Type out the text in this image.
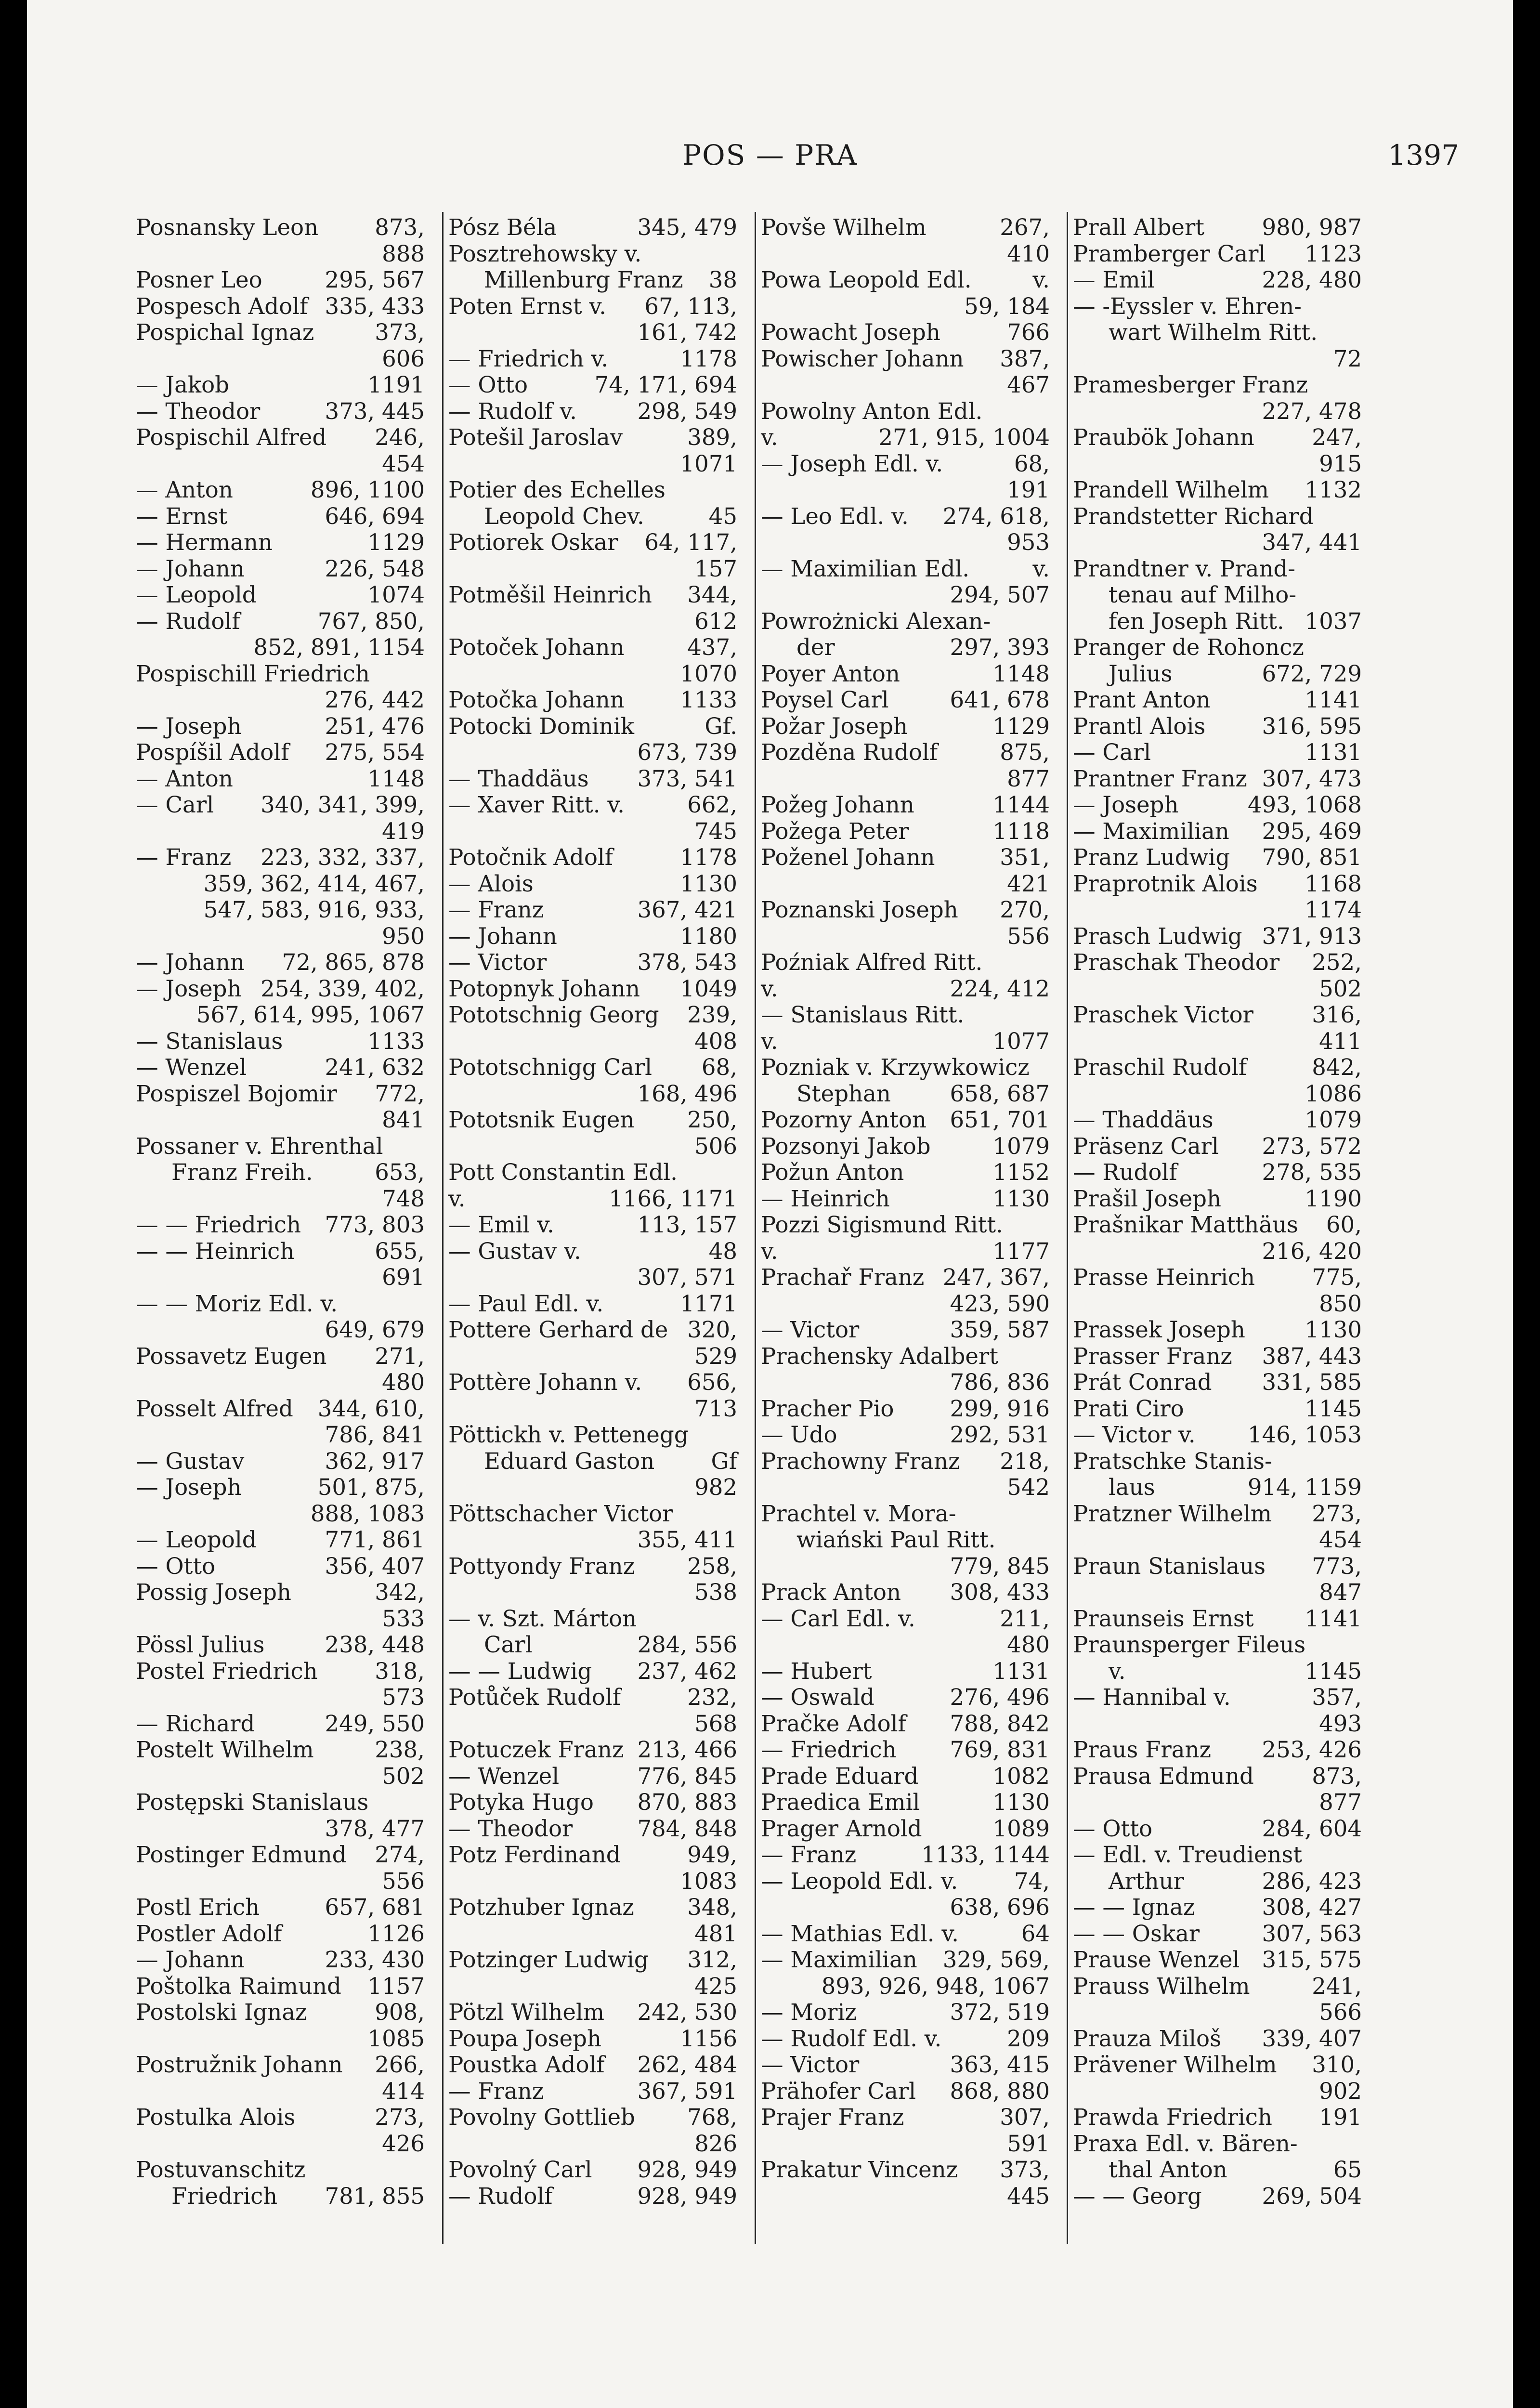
POS — PRA	1397
Posnansky Leon	873,
888
Posner Leo	295, 567
Pospesch Adolf 335, 433
Pospichal Ignaz	373,
606
— Jakob	1191
— Theodor	373, 445
Pospischil Alfred 246,
454
— Anton	896, 1100
— Ernst	646, 694
— Hermann	1129
— Johann	226, 548
— Leopold	1074
— Rudolf	767, 850,
852, 891, 1154
Pospischill Friedrich
276, 442
— Joseph	251, 476
Pospíšil Adolf 275, 554
— Anton	1148
— Carl 340, 341, 399,
419
— Franz 223, 332, 337,
359, 362, 414, 467,
547, 583, 916, 933,
950
— Johann 72, 865, 878
— Joseph 254, 339, 402,
567, 614, 995, 1067
— Stanislaus	1133
— Wenzel	241, 632
Pospiszel Bojomir 772,
841
Possaner v. Ehrenthal
Franz Freih.	653,
748
— — Friedrich 773, 803
— — Heinrich	655,
691
— — Moriz Edl. v.
649, 679
Possavetz Eugen 271,
480
Posselt Alfred 344, 610,
786, 841
— Gustav	362, 917
— Joseph	501, 875,
888, 1083
— Leopold	771, 861
— Otto	356, 407
Possig Joseph	342,
533
Pössl Julius	238, 448
Postel Friedrich	318,
573
— Richard	249, 550
Postelt Wilhelm	238,
502
Postępski Stanislaus
378, 477
Postinger Edmund 274,
556
Postl Erich	657, 681
Postler Adolf	1126
— Johann	233, 430
Poštolka Raimund 1157
Postolski Ignaz	908,
1085
Postružnik Johann 266,
414
Postulka Alois	273,
426
Postuvanschitz
Friedrich 781, 855
Pósz Béla	345, 479
Posztrehowsky v.
Millenburg Franz 38
Poten Ernst v. 67, 113,
161, 742
— Friedrich v.	1178
— Otto	74, 171, 694
— Rudolf v.	298, 549
Potešil Jaroslav	389,
1071
Potier des Echelles
Leopold Chev.	45
Potiorek Oskar 64, 117,
157
Potměšil Heinrich 344,
612
Potoček Johann	437,
1070
Potočka Johann 1133
Potocki Dominik	Gf.
673, 739
— Thaddäus 373, 541
— Xaver Ritt. v.	662,
745
Potočnik Adolf	1178
— Alois	1130
— Franz	367, 421
— Johann	1180
— Victor	378, 543
Potopnyk Johann 1049
Pototschnig Georg 239,
408
Pototschnigg Carl 68,
168, 496
Pototsnik Eugen 250,
506
Pott Constantin Edl.
v.	1166, 1171
— Emil v.	113, 157
— Gustav v.	48
307, 571
— Paul Edl. v.	1171
Pottere Gerhard de 320,
529
Pottère Johann v. 656,
713
Pöttickh v. Pettenegg
Eduard Gaston	Gf
982
Pöttschacher Victor
355, 411
Pottyondy Franz 258,
538
— v. Szt. Márton
Carl	284, 556
— — Ludwig 237, 462
Potůček Rudolf	232,
568
Potuczek Franz 213, 466
— Wenzel	776, 845
Potyka Hugo 870, 883
— Theodor	784, 848
Potz Ferdinand	949,
1083
Potzhuber Ignaz 348,
481
Potzinger Ludwig 312,
425
Pötzl Wilhelm 242, 530
Poupa Joseph	1156
Poustka Adolf 262, 484
— Franz	367, 591
Povolny Gottlieb 768,
826
Povolný Carl 928, 949
— Rudolf	928, 949
Povše Wilhelm	267,
410
Powa Leopold Edl.	v.
59, 184
Powacht Joseph	766
Powischer Johann 387,
467
Powolny Anton Edl.
v.	271, 915, 1004
— Joseph Edl. v.	68,
191
— Leo Edl. v. 274, 618,
953
— Maximilian Edl.	v.
294, 507
Powrożnicki Alexan-
der	297, 393
Poyer Anton	1148
Poysel Carl	641, 678
Požar Joseph	1129
Pozděna Rudolf	875,
877
Požeg Johann	1144
Požega Peter	1118
Poženel Johann	351,
421
Poznanski Joseph 270,
556
Poźniak Alfred Ritt.
v.	224, 412
— Stanislaus Ritt.
v.	1077
Pozniak v. Krzywkowicz
Stephan	658, 687
Pozorny Anton 651, 701
Pozsonyi Jakob	1079
Požun Anton	1152
— Heinrich	1130
Pozzi Sigismund Ritt.
v.	1177
Prachař Franz 247, 367,
423, 590
— Victor	359, 587
Prachensky Adalbert
786, 836
Pracher Pio 299, 916
— Udo	292, 531
Prachowny Franz 218,
542
Prachtel v. Mora-
wiański Paul Ritt.
779, 845
Prack Anton 308, 433
— Carl Edl. v.	211,
480
— Hubert	1131
— Oswald	276, 496
Pračke Adolf 788, 842
— Friedrich 769, 831
Prade Eduard	1082
Praedica Emil	1130
Prager Arnold	1089
— Franz	1133, 1144
— Leopold Edl. v.	74,
638, 696
— Mathias Edl. v.	64
— Maximilian 329, 569,
893, 926, 948, 1067
— Moriz	372, 519
— Rudolf Edl. v.	209
— Victor	363, 415
Prähofer Carl 868, 880
Prajer Franz	307,
591
Prakatur Vincenz 373,
445
Prall Albert	980, 987
Pramberger Carl 1123
— Emil	228, 480
— -Eyssler v. Ehren-
wart Wilhelm Ritt.
72
Pramesberger Franz
227, 478
Praubök Johann	247,
915
Prandell Wilhelm 1132
Prandstetter Richard
347, 441
Prandtner v. Prand-
tenau auf Milho-
fen Joseph Ritt. 1037
Pranger de Rohoncz
Julius	672, 729
Prant Anton	1141
Prantl Alois	316, 595
— Carl	1131
Prantner Franz 307, 473
— Joseph	493, 1068
— Maximilian 295, 469
Pranz Ludwig 790, 851
Praprotnik Alois 1168
1174
Prasch Ludwig 371, 913
Praschak Theodor 252,
502
Praschek Victor	316,
411
Praschil Rudolf	842,
1086
— Thaddäus	1079
Präsenz Carl 273, 572
— Rudolf	278, 535
Prašil Joseph	1190
Prašnikar Matthäus 60,
216, 420
Prasse Heinrich	775,
850
Prassek Joseph	1130
Prasser Franz 387, 443
Prát Conrad 331, 585
Prati Ciro	1145
— Victor v. 146, 1053
Pratschke Stanis-
laus	914, 1159
Pratzner Wilhelm 273,
454
Praun Stanislaus 773,
847
Praunseis Ernst 1141
Praunsperger Fileus
v.	1145
— Hannibal v.	357,
493
Praus Franz 253, 426
Prausa Edmund	873,
877
— Otto	284, 604
— Edl. v. Treudienst
Arthur	286, 423
— — Ignaz	308, 427
— — Oskar	307, 563
Prause Wenzel 315, 575
Prauss Wilhelm	241,
566
Prauza Miloš 339, 407
Prävener Wilhelm 310,
902
Prawda Friedrich 191
Praxa Edl. v. Bären-
thal Anton	65
— — Georg	269, 504
